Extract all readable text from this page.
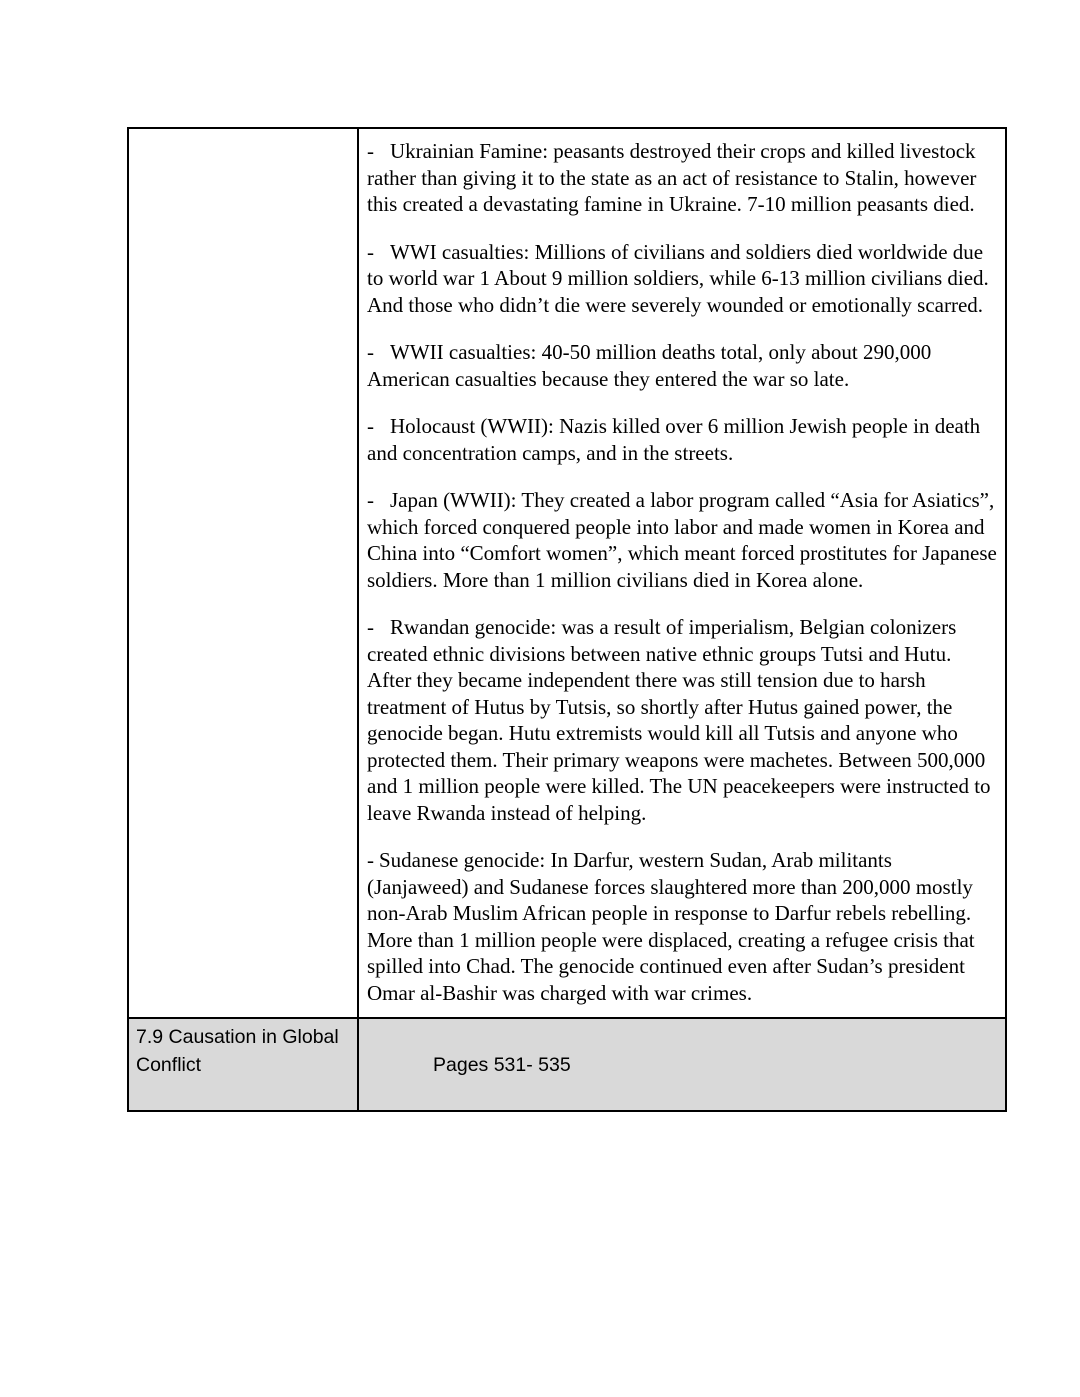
- Ukrainian Famine: peasants destroyed their crops and killed livestock rather than giving it to the state as an act of resistance to Stalin, however this created a devastating famine in Ukraine. 7-10 million peasants died.

- WWI casualties: Millions of civilians and soldiers died worldwide due to world war 1 About 9 million soldiers, while 6-13 million civilians died. And those who didn’t die were severely wounded or emotionally scarred.

- WWII casualties: 40-50 million deaths total, only about 290,000 American casualties because they entered the war so late.

- Holocaust (WWII): Nazis killed over 6 million Jewish people in death and concentration camps, and in the streets.

- Japan (WWII): They created a labor program called “Asia for Asiatics”, which forced conquered people into labor and made women in Korea and China into “Comfort women”, which meant forced prostitutes for Japanese soldiers. More than 1 million civilians died in Korea alone.

- Rwandan genocide: was a result of imperialism, Belgian colonizers created ethnic divisions between native ethnic groups Tutsi and Hutu. After they became independent there was still tension due to harsh treatment of Hutus by Tutsis, so shortly after Hutus gained power, the genocide began. Hutu extremists would kill all Tutsis and anyone who protected them. Their primary weapons were machetes. Between 500,000 and 1 million people were killed. The UN peacekeepers were instructed to leave Rwanda instead of helping.

- Sudanese genocide: In Darfur, western Sudan, Arab militants (Janjaweed) and Sudanese forces slaughtered more than 200,000 mostly non-Arab Muslim African people in response to Darfur rebels rebelling. More than 1 million people were displaced, creating a refugee crisis that spilled into Chad. The genocide continued even after Sudan’s president Omar al-Bashir was charged with war crimes.

7.9 Causation in Global Conflict	Pages 531- 535
